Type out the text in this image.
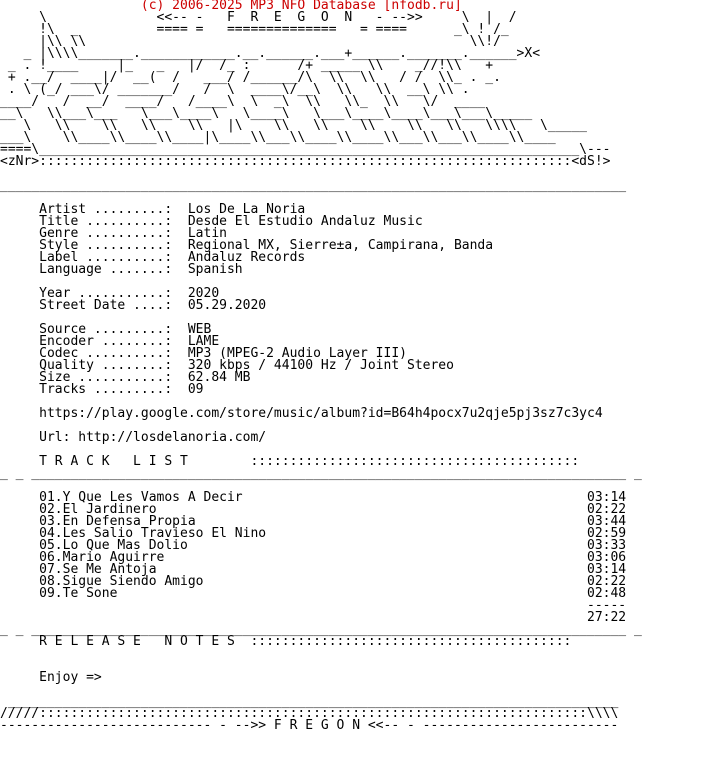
(c) 2006-2025 MP3 NFO Database [nfodb.ru]
\              <<-- -   F  R  E  G  O  N   - -->>     \  |  /
!\  _          ==== =   ==============   = ====      _\ ! /_
|\\ \\                                                 \\!/
_ |\\\\_______.____________.__.______.___+______._______.______>X<
_ . !____     |_   _   |/  /_ :      /+ _____ \\    _//!\\   +
+ .__/  ____|/  __(  /   ___/ /______/\  \\  \\   / /  \\_ . _.
. \ (_/ ___\/ _______/   /  \  ____\/__\  \\   \\  __\ \\ .
____/   /  __/  ____/   /____\  \  _\  \\   \\_  \\   \/  ____
__\   \\___\___   \___\____\   \____\   \___\____\____\___\___\_____
\   \\    \\   \\    \\   |\    \\   \\    \\    \\   \\   \\\\   \_____
___\    \\____\\____\\____|\____\\___\\____\\____\\___\\___\\____\\____
====\_____________________________________________________________________\---
<zNr>::::::::::::::::::::::::::::::::::::::::::::::::::::::::::::::::::::<dS!>
________________________________________________________________________________
Artist .........:  Los De La Noria
Title ..........:  Desde El Estudio Andaluz Music
Genre ..........:  Latin
Style ..........:  Regional MX, Sierre±a, Campirana, Banda
Label ..........:  Andaluz Records
Language .......:  Spanish
Year ...........:  2020
Street Date ....:  05.29.2020
Source .........:  WEB
Encoder ........:  LAME
Codec ..........:  MP3 (MPEG-2 Audio Layer III)
Quality ........:  320 kbps / 44100 Hz / Joint Stereo
Size ...........:  62.84 MB
Tracks .........:  09
https://play.google.com/store/music/album?id=B64h4pocx7u2qje5pj3sz7c3yc4
Url: http://losdelanoria.com/
T R A C K   L I S T        ::::::::::::::::::::::::::::::::::::::::::
_ _ ____________________________________________________________________________ _
01.Y Que Les Vamos A Decir                                            03:14
02.El Jardinero                                                       02:22
03.En Defensa Propia                                                  03:44
04.Les Salio Travieso El Nino                                         02:59
05.Lo Que Mas Dolio                                                   03:33
06.Mario Aguirre                                                      03:06
07.Se Me Antoja                                                       03:14
08.Sigue Siendo Amigo                                                 02:22
09.Te Sone                                                            02:48
-----
27:22
_ _ ____________________________________________________________________________ _
R E L E A S E   N O T E S  :::::::::::::::::::::::::::::::::::::::::
Enjoy =>
______________________________________________________________________________
/////::::::::::::::::::::::::::::::::::::::::::::::::::::::::::::::::::::::\\\\
--------------------------- - -->> F R E G O N <<-- - -------------------------
